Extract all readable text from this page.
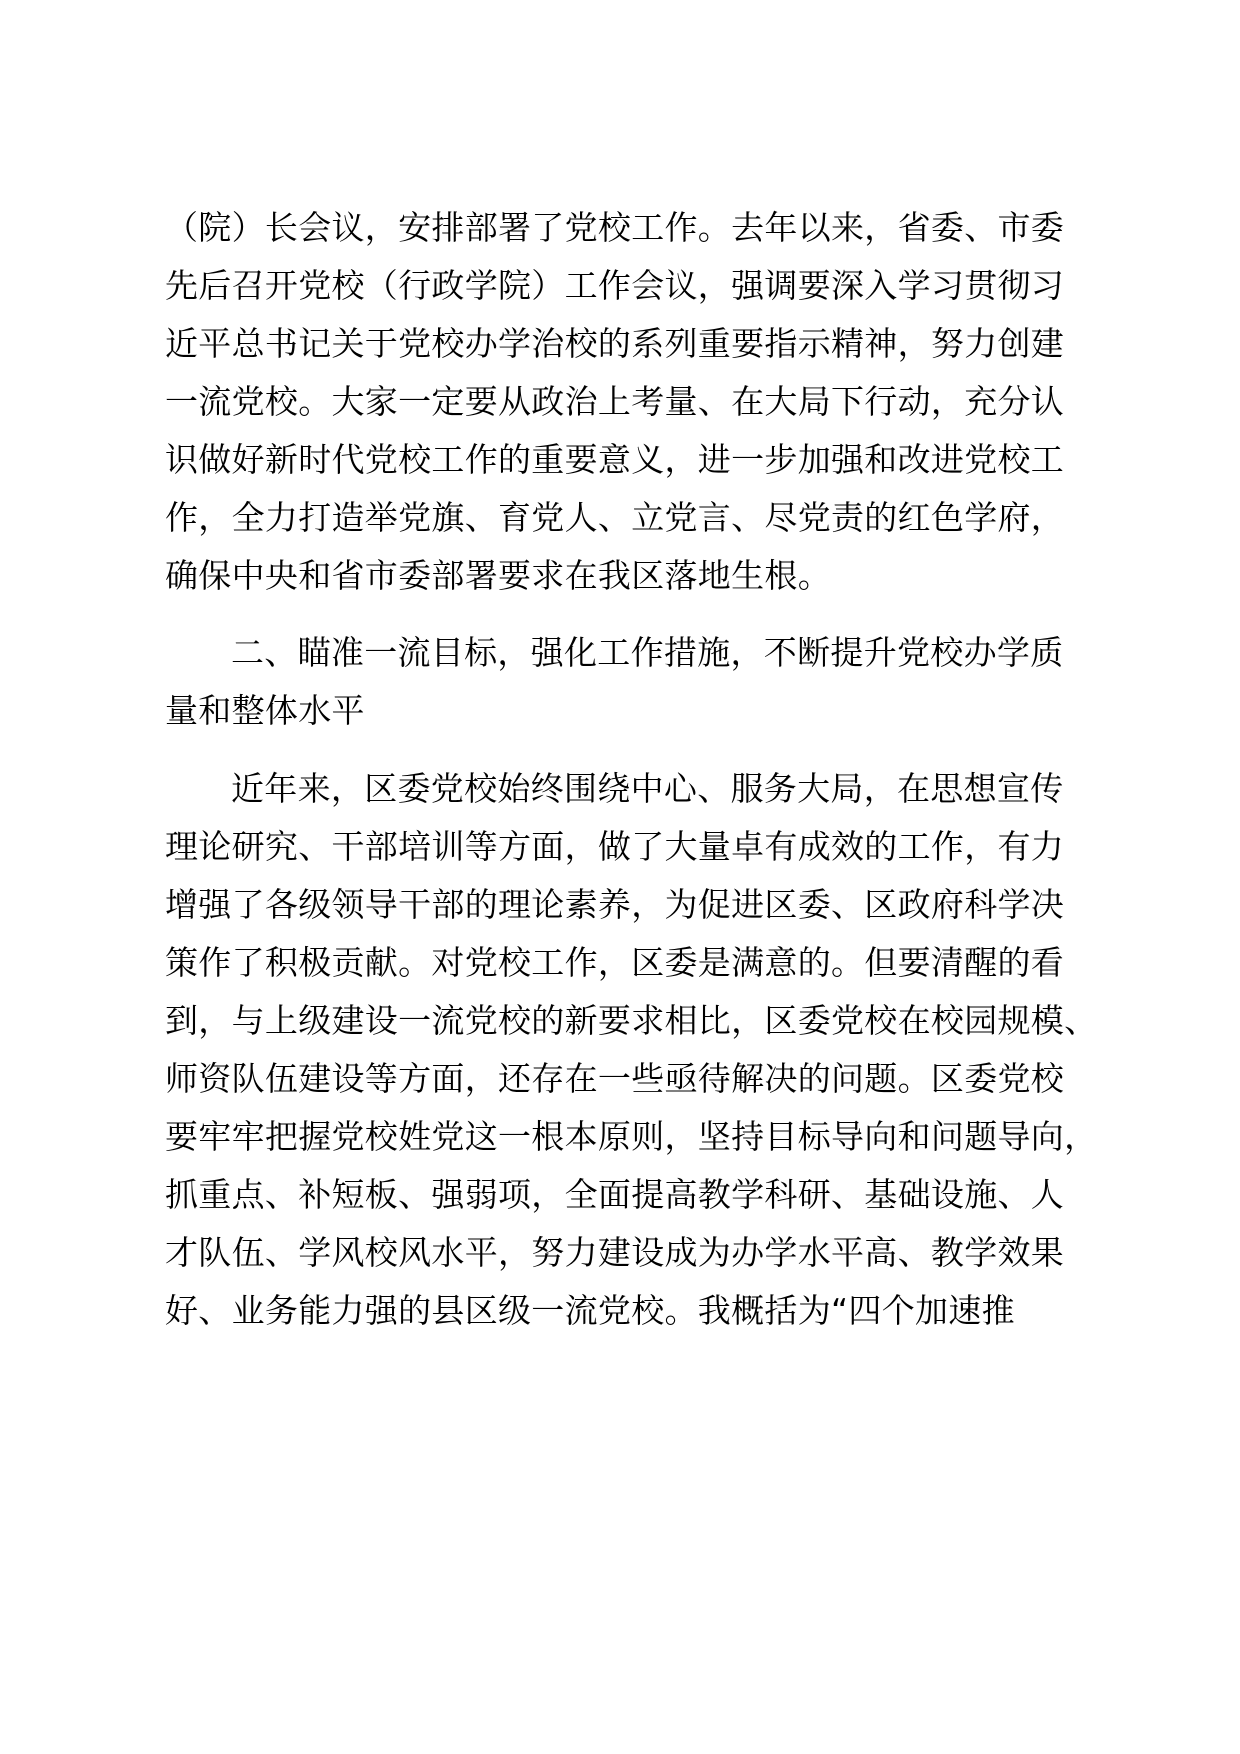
（院）长会议，安排部署了党校工作。去年以来，省委、市委
先后召开党校（行政学院）工作会议，强调要深入学习贯彻习
近平总书记关于党校办学治校的系列重要指示精神，努力创建
一流党校。大家一定要从政治上考量、在大局下行动，充分认
识做好新时代党校工作的重要意义，进一步加强和改进党校工
作，全力打造举党旗、育党人、立党言、尽党责的红色学府，
确保中央和省市委部署要求在我区落地生根。
二、瞄准一流目标，强化工作措施，不断提升党校办学质
量和整体水平
近年来，区委党校始终围绕中心、服务大局，在思想宣传
理论研究、干部培训等方面，做了大量卓有成效的工作，有力
增强了各级领导干部的理论素养，为促进区委、区政府科学决
策作了积极贡献。对党校工作，区委是满意的。但要清醒的看
到，与上级建设一流党校的新要求相比，区委党校在校园规模、
师资队伍建设等方面，还存在一些亟待解决的问题。区委党校
要牢牢把握党校姓党这一根本原则，坚持目标导向和问题导向，
抓重点、补短板、强弱项，全面提高教学科研、基础设施、人
才队伍、学风校风水平，努力建设成为办学水平高、教学效果
好、业务能力强的县区级一流党校。我概括为“四个加速推
